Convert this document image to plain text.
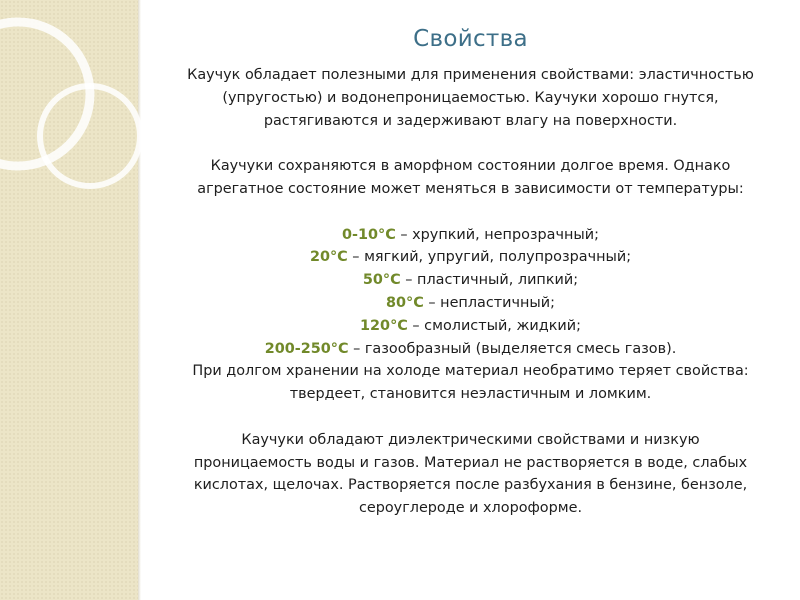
Свойства

Каучук обладает полезными для применения свойствами: эластичностью

(упругостью) и водонепроницаемостью. Каучуки хорошо гнутся,

растягиваются и задерживают влагу на поверхности.

Каучуки сохраняются в аморфном состоянии долгое время. Однако

агрегатное состояние может меняться в зависимости от температуры:

0-10°C – хрупкий, непрозрачный;

20°C – мягкий, упругий, полупрозрачный;

50°C – пластичный, липкий;

80°C – непластичный;

120°C – смолистый, жидкий;

200-250°C – газообразный (выделяется смесь газов).

При долгом хранении на холоде материал необратимо теряет свойства:

твердеет, становится неэластичным и ломким.

Каучуки обладают диэлектрическими свойствами и низкую

проницаемость воды и газов. Материал не растворяется в воде, слабых

кислотах, щелочах. Растворяется после разбухания в бензине, бензоле,

сероуглероде и хлороформе.
